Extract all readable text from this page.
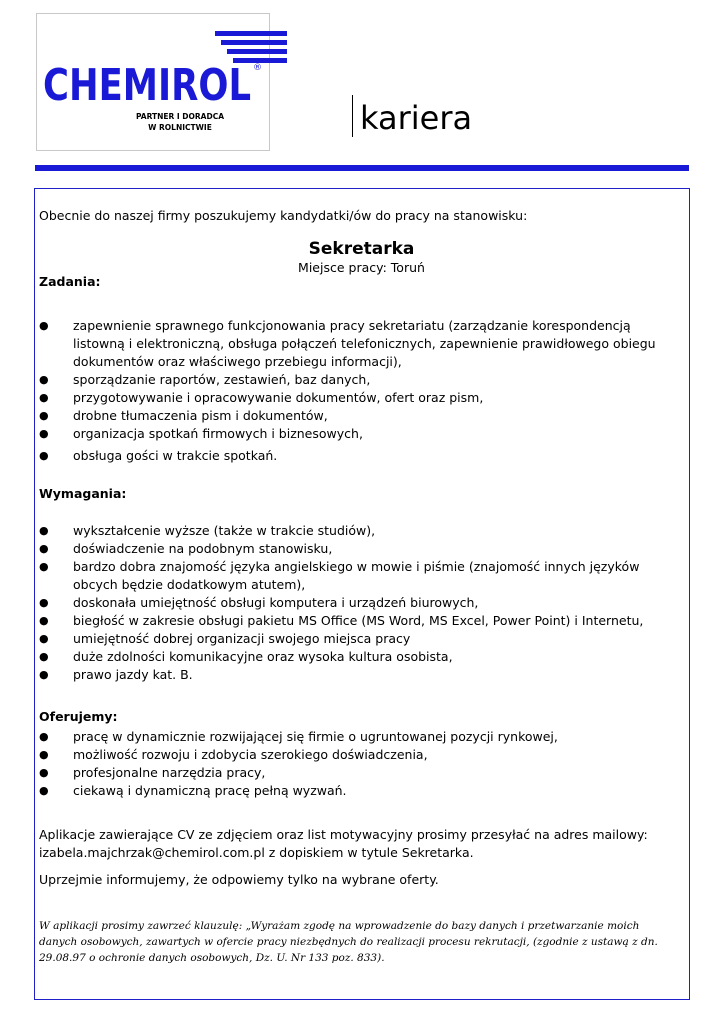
CHEMIROL ®
PARTNER I DORADCA
W ROLNICTWIE	kariera
Obecnie do naszej firmy poszukujemy kandydatki/ów do pracy na stanowisku:
Sekretarka
Miejsce pracy: Toruń
Zadania:
● zapewnienie sprawnego funkcjonowania pracy sekretariatu (zarządzanie korespondencją listowną i elektroniczną, obsługa połączeń telefonicznych, zapewnienie prawidłowego obiegu dokumentów oraz właściwego przebiegu informacji),
● sporządzanie raportów, zestawień, baz danych,
● przygotowywanie i opracowywanie dokumentów, ofert oraz pism,
● drobne tłumaczenia pism i dokumentów,
● organizacja spotkań firmowych i biznesowych,
● obsługa gości w trakcie spotkań.
Wymagania:
● wykształcenie wyższe (także w trakcie studiów),
● doświadczenie na podobnym stanowisku,
● bardzo dobra znajomość języka angielskiego w mowie i piśmie (znajomość innych języków obcych będzie dodatkowym atutem),
● doskonała umiejętność obsługi komputera i urządzeń biurowych,
● biegłość w zakresie obsługi pakietu MS Office (MS Word, MS Excel, Power Point) i Internetu,
● umiejętność dobrej organizacji swojego miejsca pracy
● duże zdolności komunikacyjne oraz wysoka kultura osobista,
● prawo jazdy kat. B.
Oferujemy:
● pracę w dynamicznie rozwijającej się firmie o ugruntowanej pozycji rynkowej,
● możliwość rozwoju i zdobycia szerokiego doświadczenia,
● profesjonalne narzędzia pracy,
● ciekawą i dynamiczną pracę pełną wyzwań.
Aplikacje zawierające CV ze zdjęciem oraz list motywacyjny prosimy przesyłać na adres mailowy:
izabela.majchrzak@chemirol.com.pl z dopiskiem w tytule Sekretarka.
Uprzejmie informujemy, że odpowiemy tylko na wybrane oferty.
W aplikacji prosimy zawrzeć klauzulę: „Wyrażam zgodę na wprowadzenie do bazy danych i przetwarzanie moich danych osobowych, zawartych w ofercie pracy niezbędnych do realizacji procesu rekrutacji, (zgodnie z ustawą z dn. 29.08.97 o ochronie danych osobowych, Dz. U. Nr 133 poz. 833).
